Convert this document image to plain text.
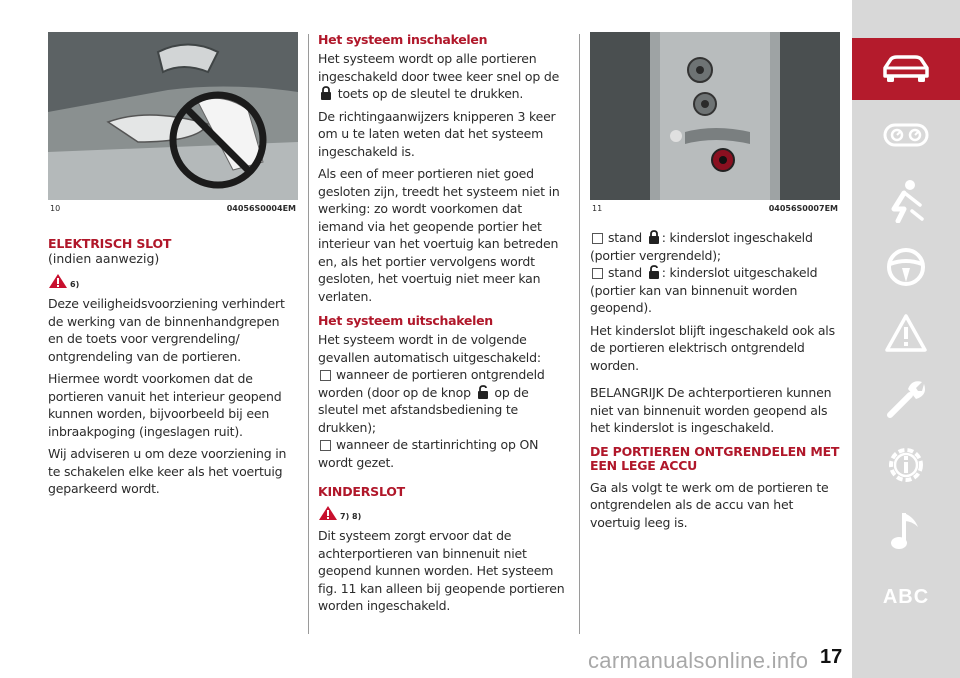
10	04056S0004EM
ELEKTRISCH SLOT
(indien aanwezig)
6)

Deze veiligheidsvoorziening verhindert de werking van de binnenhandgrepen en de toets voor vergrendeling/ ontgrendeling van de portieren.

Hiermee wordt voorkomen dat de portieren vanuit het interieur geopend kunnen worden, bijvoorbeeld bij een inbraakpoging (ingeslagen ruit).

Wij adviseren u om deze voorziening in te schakelen elke keer als het voertuig geparkeerd wordt.

Het systeem inschakelen

Het systeem wordt op alle portieren ingeschakeld door twee keer snel op de  toets op de sleutel te drukken.

De richtingaanwijzers knipperen 3 keer om u te laten weten dat het systeem ingeschakeld is.

Als een of meer portieren niet goed gesloten zijn, treedt het systeem niet in werking: zo wordt voorkomen dat iemand via het geopende portier het interieur van het voertuig kan betreden en, als het portier vervolgens wordt gesloten, het voertuig niet meer kan verlaten.

Het systeem uitschakelen

Het systeem wordt in de volgende gevallen automatisch uitgeschakeld:

wanneer de portieren ontgrendeld worden (door op de knop op de sleutel met afstandsbediening te drukken);

wanneer de startinrichting op ON wordt gezet.

KINDERSLOT
7) 8)

Dit systeem zorgt ervoor dat de achterportieren van binnenuit niet geopend kunnen worden. Het systeem fig. 11 kan alleen bij geopende portieren worden ingeschakeld.

11	04056S0007EM

stand : kinderslot ingeschakeld (portier vergrendeld);

stand : kinderslot uitgeschakeld (portier kan van binnenuit worden geopend).

Het kinderslot blijft ingeschakeld ook als de portieren elektrisch ontgrendeld worden.

BELANGRIJK De achterportieren kunnen niet van binnenuit worden geopend als het kinderslot is ingeschakeld.

DE PORTIEREN ONTGRENDELEN MET EEN LEGE ACCU

Ga als volgt te werk om de portieren te ontgrendelen als de accu van het voertuig leeg is.

ABC
carmanualsonline.info 17
